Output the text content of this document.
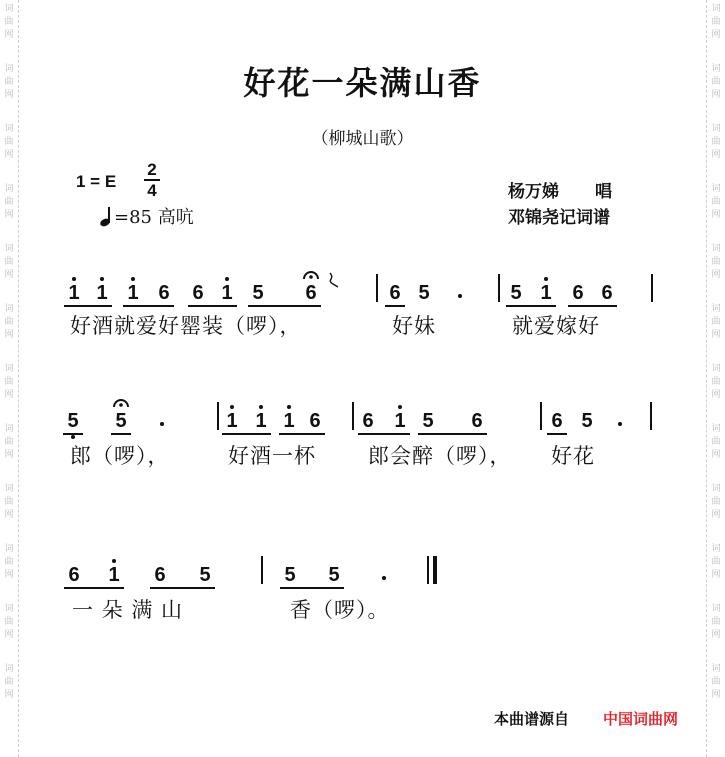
词
曲
网
词
曲
网
词
曲
网
词
曲
网
词
曲
网
词
曲
网
词
曲
网
词
曲
网
词
曲
网
词
曲
网
词
曲
网
词
曲
网
词
曲
网
词
曲
网
词
曲
网
词
曲
网
词
曲
网
词
曲
网
词
曲
网
词
曲
网
词
曲
网
词
曲
网
词
曲
网
词
曲
网
好花一朵满山香
（柳城山歌）
1 = E
2
4
=85 高吭
杨万娣 唱
邓锦尧记词谱
1 1 1 6 6 1 5 6	6 5	5 1 6 6
5 5	1 1 1 6 6 1 5 6	6 5
6 1 6 5	5 5
好酒就爱好罂装（啰），	好妹	就爱嫁好
郎（啰），	好酒一杯 郎会醉（啰）， 好花
一 朵 满 山	香（啰）。
本曲谱源自 中国词曲网
